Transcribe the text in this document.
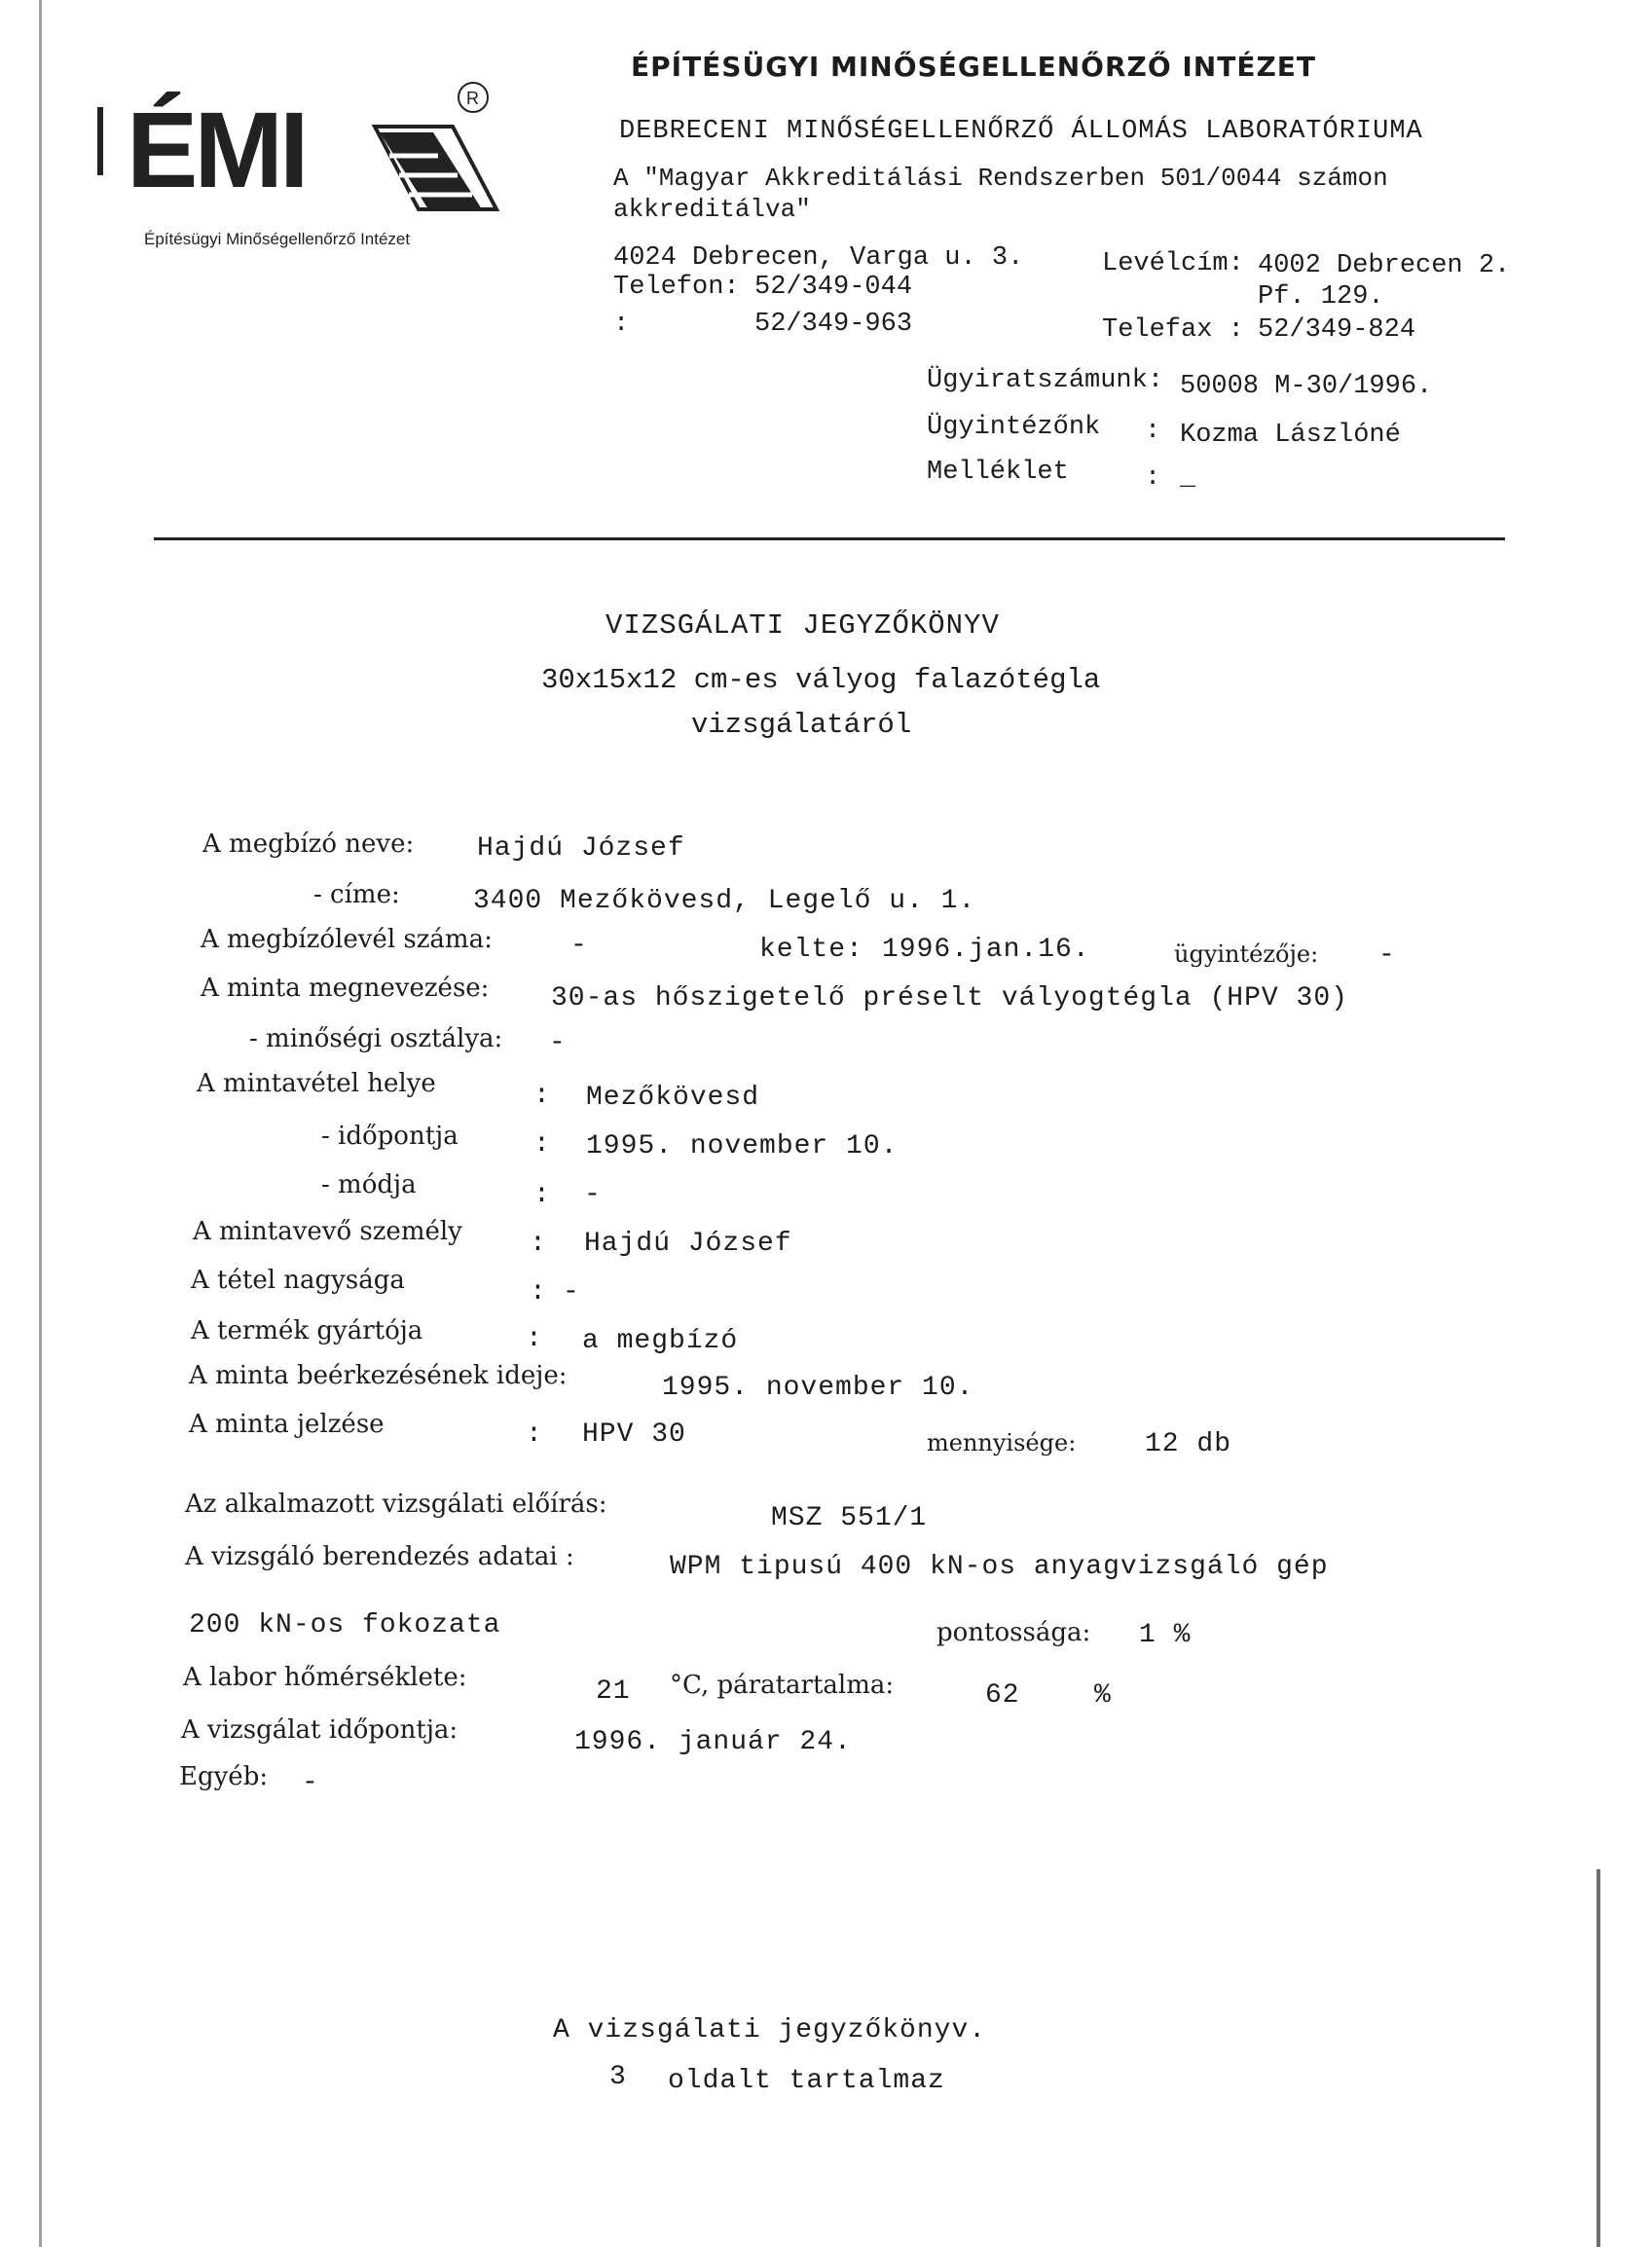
ÉMI	R
Építésügyi Minőségellenőrző Intézet
ÉPÍTÉSÜGYI MINŐSÉGELLENŐRZŐ INTÉZET
DEBRECENI MINŐSÉGELLENŐRZŐ ÁLLOMÁS LABORATÓRIUMA
A "Magyar Akkreditálási Rendszerben 501/0044 számon
akkreditálva"
4024 Debrecen, Varga u. 3.
Telefon: 52/349-044
:	52/349-963
Levélcím: 4002 Debrecen 2.
Pf. 129.
Telefax : 52/349-824
Ügyiratszámunk: 50008 M-30/1996.
Ügyintézőnk : Kozma Lászlóné
Melléklet	: _
VIZSGÁLATI JEGYZŐKÖNYV
30x15x12 cm-es vályog falazótégla
vizsgálatáról
A megbízó neve: Hajdú József
- címe:	3400 Mezőkövesd, Legelő u. 1.
A megbízólevél száma:	-	kelte: 1996.jan.16.	ügyintézője: -
A minta megnevezése: 30-as hőszigetelő préselt vályogtégla (HPV 30)
- minőségi osztálya: -
A mintavétel helye	: Mezőkövesd
- időpontja	: 1995. november 10.
- módja	: -
A mintavevő személy : Hajdú József
A tétel nagysága	: -
A termék gyártója	: a megbízó
A minta beérkezésének ideje:	1995. november 10.
A minta jelzése	: HPV 30	mennyisége:	12 db
Az alkalmazott vizsgálati előírás:	MSZ 551/1
A vizsgáló berendezés adatai :	WPM tipusú 400 kN-os anyagvizsgáló gép
200 kN-os fokozata	pontossága: 1 %
A labor hőmérséklete:	21 °C, páratartalma:	62	%
A vizsgálat időpontja:	1996. január 24.
Egyéb: -
A vizsgálati jegyzőkönyv.
3 oldalt tartalmaz
